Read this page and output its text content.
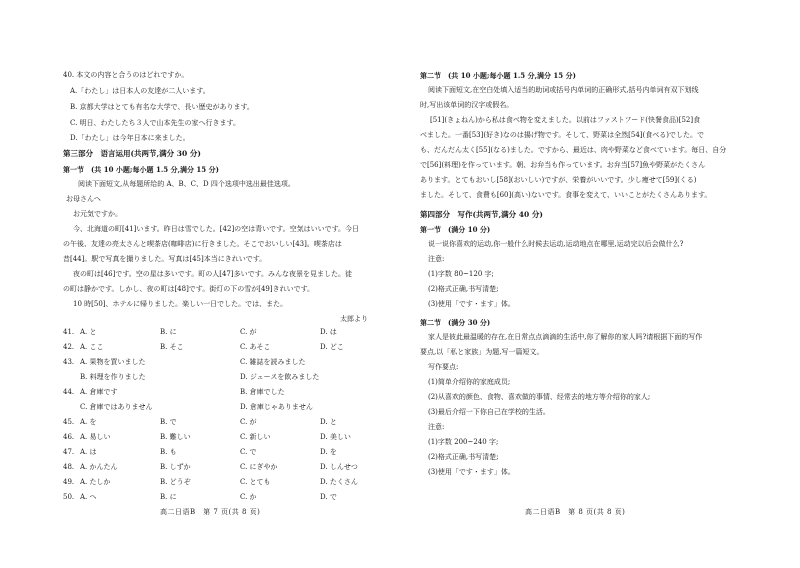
40. 本文の内容と合うのはどれですか。
A.「わたし」は日本人の友達が二人います。
B. 京都大学はとても有名な大学で、長い歴史があります。
C. 明日、わたしたち３人で山本先生の家へ行きます。
D.「わたし」は今年日本に来ました。
第三部分　语言运用(共两节,满分 30 分)
第一节　(共 10 小题;每小题 1.5 分,满分 15 分)
阅读下面短文,从每题所给的 A、B、C、D 四个选项中选出最佳选项。
お母さんへ
お元気ですか。
今、北海道の町[41]います。昨日は雪でした。[42]の空は青いです。空気はいいです。今日
の午後、友達の亮太さんと喫茶店(咖啡店)に行きました。そこでおいしい[43]。喫茶店は
昔[44]。駅で写真を撮りました。写真は[45]本当にきれいです。
夜の町は[46]です。空の星は多いです。町の人[47]多いです。みんな夜景を見ました。徒
の町は静かです。しかし、夜の町は[48]です。街灯の下の雪が[49]きれいです。
10 時[50]、ホテルに帰りました。楽しい一日でした。では、また。
太郎より
41. A. と	B. に	C. が	D. は
42. A. ここ	B. そこ	C. あそこ	D. どこ
43. A. 果物を買いました	C. 雑誌を読みました
B. 料理を作りました	D. ジュースを飲みました
44. A. 倉庫です	B. 倉庫でした
C. 倉庫ではありません	D. 倉庫じゃありません
45. A. を	B. で	C. が	D. と
46. A. 易しい	B. 難しい	C. 新しい	D. 美しい
47. A. は	B. も	C. で	D. を
48. A. かんたん	B. しずか	C. にぎやか	D. しんせつ
49. A. たしか	B. どうぞ	C. とても	D. たくさん
50. A. へ	B. に	C. か	D. で
高二日语B　第 7 页(共 8 页)
第二节　(共 10 小题;每小题 1.5 分,满分 15 分)
阅读下面短文,在空白处填入适当的助词或括号内单词的正确形式,括号内单词有双下划线
时,写出该单词的汉字或假名。
[51](きょねん)から私は食べ物を変えました。以前はファストフード(快餐食品)[52]食
べました。一番[53](好き)なのは揚げ物です。そして、野菜は全然[54](食べる)でした。で
も、だんだん太く[55](なる)ました。ですから、最近は、肉や野菜など食べています。毎日、自分
で[56](料理)を作っています。朝、お弁当も作っています。お弁当[57]魚や野菜がたくさん
あります。とてもおいし[58](おいしい)ですが、栄養がいいです。少し痩せて[59](くる)
ました。そして、食費も[60](高い)ないです。食事を変えて、いいことがたくさんあります。
第四部分　写作(共两节,满分 40 分)
第一节　(满分 10 分)
说一说你喜欢的运动,你一般什么时候去运动,运动地点在哪里,运动完以后会做什么?
注意:
(1)字数 80~120 字;
(2)格式正确,书写清楚;
(3)使用「です・ます」体。
第二节　(满分 30 分)
家人是彼此最温暖的存在,在日常点点滴滴的生活中,你了解你的家人吗?请根据下面的写作
要点,以「私と家族」为题,写一篇短文。
写作要点:
(1)简单介绍你的家庭成员;
(2)从喜欢的颜色、食物、喜欢做的事情、经常去的地方等介绍你的家人;
(3)最后介绍一下你自己在学校的生活。
注意:
(1)字数 200~240 字;
(2)格式正确,书写清楚;
(3)使用「です・ます」体。
高二日语B　第 8 页(共 8 页)
